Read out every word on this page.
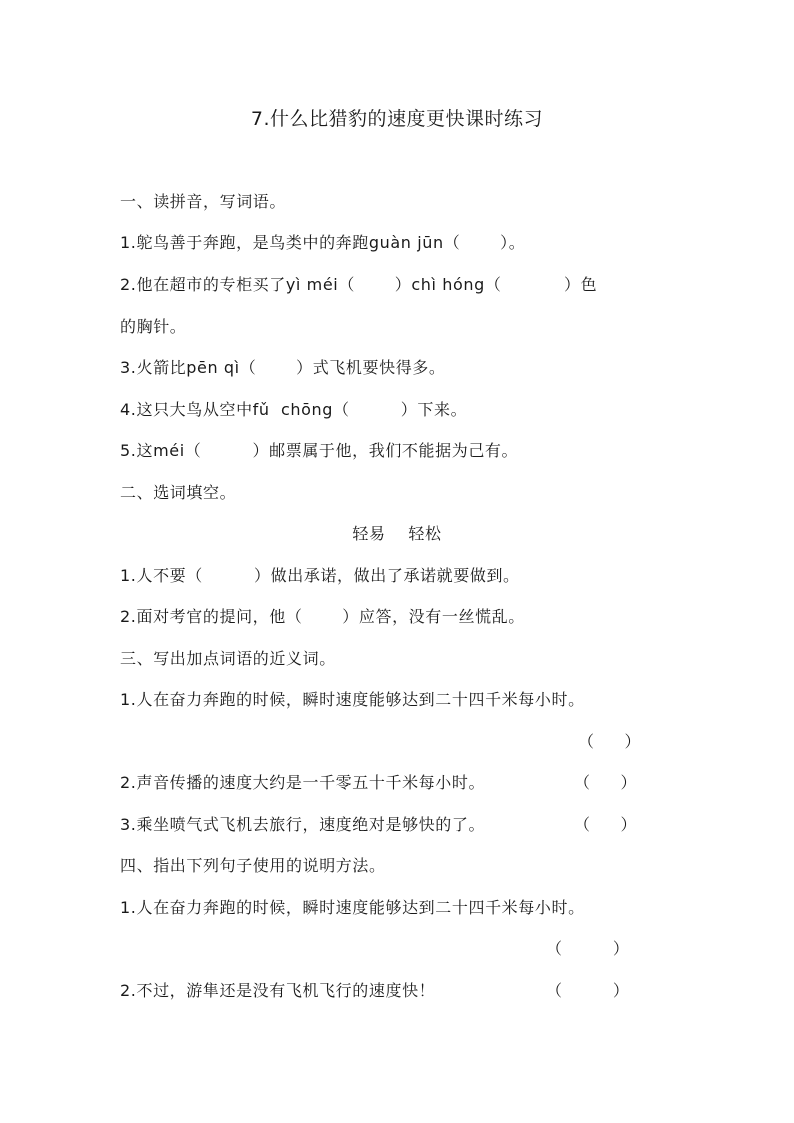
7.什么比猎豹的速度更快课时练习
一、读拼音，写词语。
1.鸵鸟善于奔跑，是鸟类中的奔跑guàn jūn（       ）。
2.他在超市的专柜买了yì méi（       ）chì hóng（           ）色
的胸针。
3.火箭比pēn qì（       ）式飞机要快得多。
4.这只大鸟从空中fǔ  chōng（         ）下来。
5.这méi（         ）邮票属于他，我们不能据为己有。
二、选词填空。
轻易    轻松
1.人不要（         ）做出承诺，做出了承诺就要做到。
2.面对考官的提问，他（       ）应答，没有一丝慌乱。
三、写出加点词语的近义词。
1.人在奋力奔跑的时候，瞬时速度能够达到二十四千米每小时。
（      ）
2.声音传播的速度大约是一千零五十千米每小时。	（      ）
3.乘坐喷气式飞机去旅行，速度绝对是够快的了。	（      ）
四、指出下列句子使用的说明方法。
1.人在奋力奔跑的时候，瞬时速度能够达到二十四千米每小时。
（          ）
2.不过，游隼还是没有飞机飞行的速度快！	（          ）
